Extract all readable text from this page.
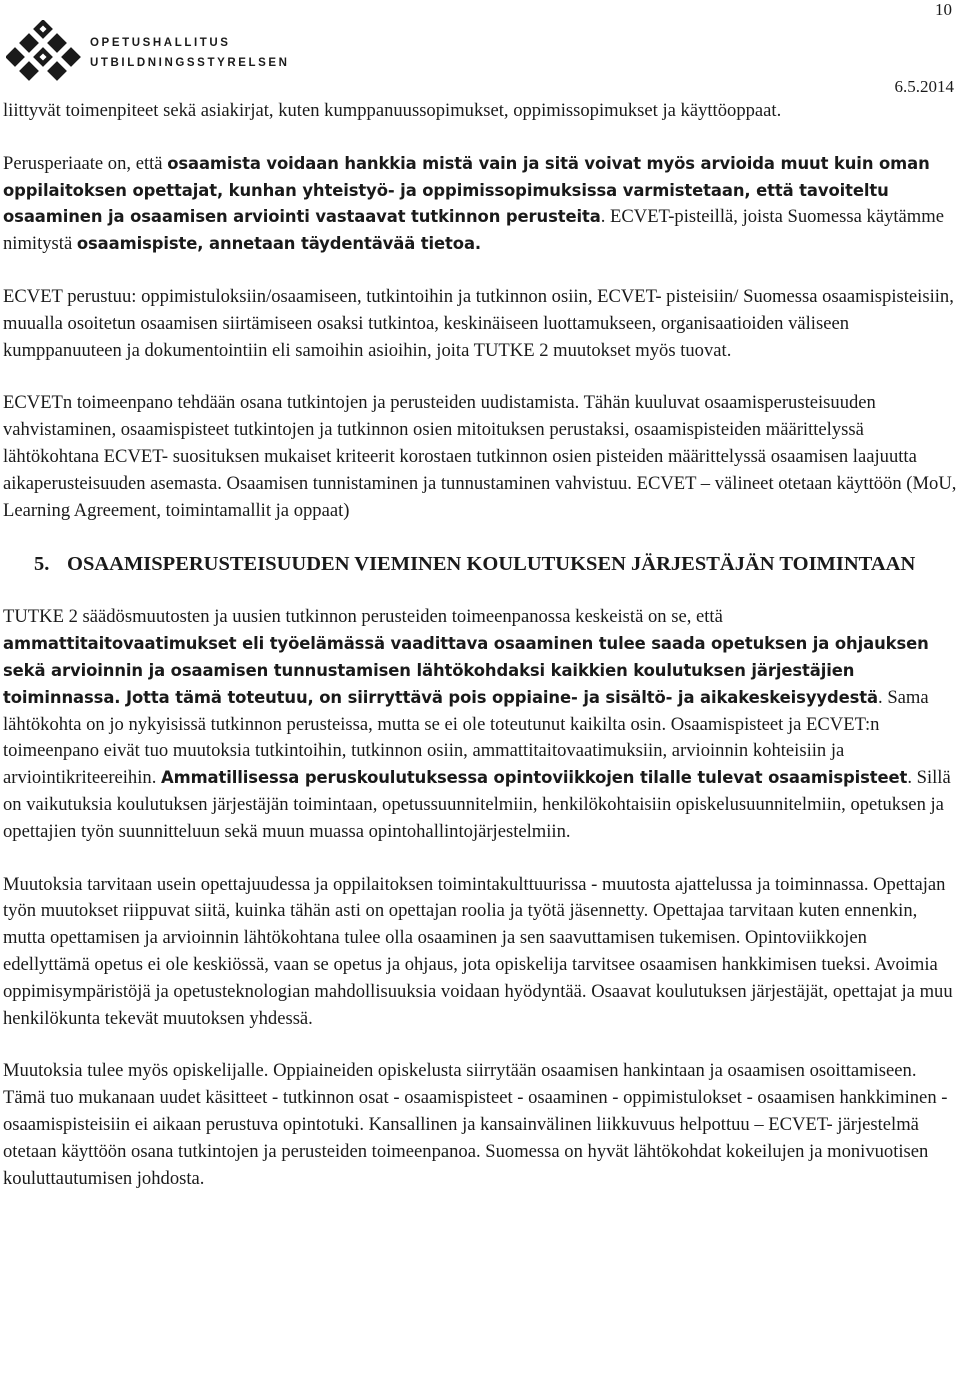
OPETUSHALLITUS
UTBILDNINGSSTYRELSEN
10
6.5.2014

liittyvät toimenpiteet sekä asiakirjat, kuten kumppanuussopimukset, oppimissopimukset ja käyttöoppaat.

Perusperiaate on, että osaamista voidaan hankkia mistä vain ja sitä voivat myös arvioida muut kuin oman oppilaitoksen opettajat, kunhan yhteistyö- ja oppimissopimuksissa varmistetaan, että tavoiteltu osaaminen ja osaamisen arviointi vastaavat tutkinnon perusteita. ECVET-pisteillä, joista Suomessa käytämme nimitystä osaamispiste, annetaan täydentävää tietoa.

ECVET perustuu: oppimistuloksiin/osaamiseen, tutkintoihin ja tutkinnon osiin, ECVET- pisteisiin/ Suomessa osaamispisteisiin, muualla osoitetun osaamisen siirtämiseen osaksi tutkintoa, keskinäiseen luottamukseen, organisaatioiden väliseen kumppanuuteen ja dokumentointiin eli samoihin asioihin, joita TUTKE 2 muutokset myös tuovat.

ECVETn toimeenpano tehdään osana tutkintojen ja perusteiden uudistamista. Tähän kuuluvat osaamisperusteisuuden vahvistaminen, osaamispisteet tutkintojen ja tutkinnon osien mitoituksen perustaksi, osaamispisteiden määrittelyssä lähtökohtana ECVET- suosituksen mukaiset kriteerit korostaen tutkinnon osien pisteiden määrittelyssä osaamisen laajuutta aikaperusteisuuden asemasta. Osaamisen tunnistaminen ja tunnustaminen vahvistuu. ECVET – välineet otetaan käyttöön (MoU, Learning Agreement, toimintamallit ja oppaat)

5. OSAAMISPERUSTEISUUDEN VIEMINEN KOULUTUKSEN JÄRJESTÄJÄN TOIMINTAAN

TUTKE 2 säädösmuutosten ja uusien tutkinnon perusteiden toimeenpanossa keskeistä on se, että ammattitaitovaatimukset eli työelämässä vaadittava osaaminen tulee saada opetuksen ja ohjauksen sekä arvioinnin ja osaamisen tunnustamisen lähtökohdaksi kaikkien koulutuksen järjestäjien toiminnassa. Jotta tämä toteutuu, on siirryttävä pois oppiaine- ja sisältö- ja aikakeskeisyydestä. Sama lähtökohta on jo nykyisissä tutkinnon perusteissa, mutta se ei ole toteutunut kaikilta osin. Osaamispisteet ja ECVET:n toimeenpano eivät tuo muutoksia tutkintoihin, tutkinnon osiin, ammattitaitovaatimuksiin, arvioinnin kohteisiin ja arviointikriteereihin. Ammatillisessa peruskoulutuksessa opintoviikkojen tilalle tulevat osaamispisteet. Sillä on vaikutuksia koulutuksen järjestäjän toimintaan, opetussuunnitelmiin, henkilökohtaisiin opiskelusuunnitelmiin, opetuksen ja opettajien työn suunnitteluun sekä muun muassa opintohallintojärjestelmiin.

Muutoksia tarvitaan usein opettajuudessa ja oppilaitoksen toimintakulttuurissa - muutosta ajattelussa ja toiminnassa. Opettajan työn muutokset riippuvat siitä, kuinka tähän asti on opettajan roolia ja työtä jäsennetty. Opettajaa tarvitaan kuten ennenkin, mutta opettamisen ja arvioinnin lähtökohtana tulee olla osaaminen ja sen saavuttamisen tukemisen. Opintoviikkojen edellyttämä opetus ei ole keskiössä, vaan se opetus ja ohjaus, jota opiskelija tarvitsee osaamisen hankkimisen tueksi. Avoimia oppimisympäristöjä ja opetusteknologian mahdollisuuksia voidaan hyödyntää. Osaavat koulutuksen järjestäjät, opettajat ja muu henkilökunta tekevät muutoksen yhdessä.

Muutoksia tulee myös opiskelijalle. Oppiaineiden opiskelusta siirrytään osaamisen hankintaan ja osaamisen osoittamiseen. Tämä tuo mukanaan uudet käsitteet - tutkinnon osat - osaamispisteet - osaaminen - oppimistulokset - osaamisen hankkiminen - osaamispisteisiin ei aikaan perustuva opintotuki. Kansallinen ja kansainvälinen liikkuvuus helpottuu – ECVET- järjestelmä otetaan käyttöön osana tutkintojen ja perusteiden toimeenpanoa. Suomessa on hyvät lähtökohdat kokeilujen ja monivuotisen kouluttautumisen johdosta.
